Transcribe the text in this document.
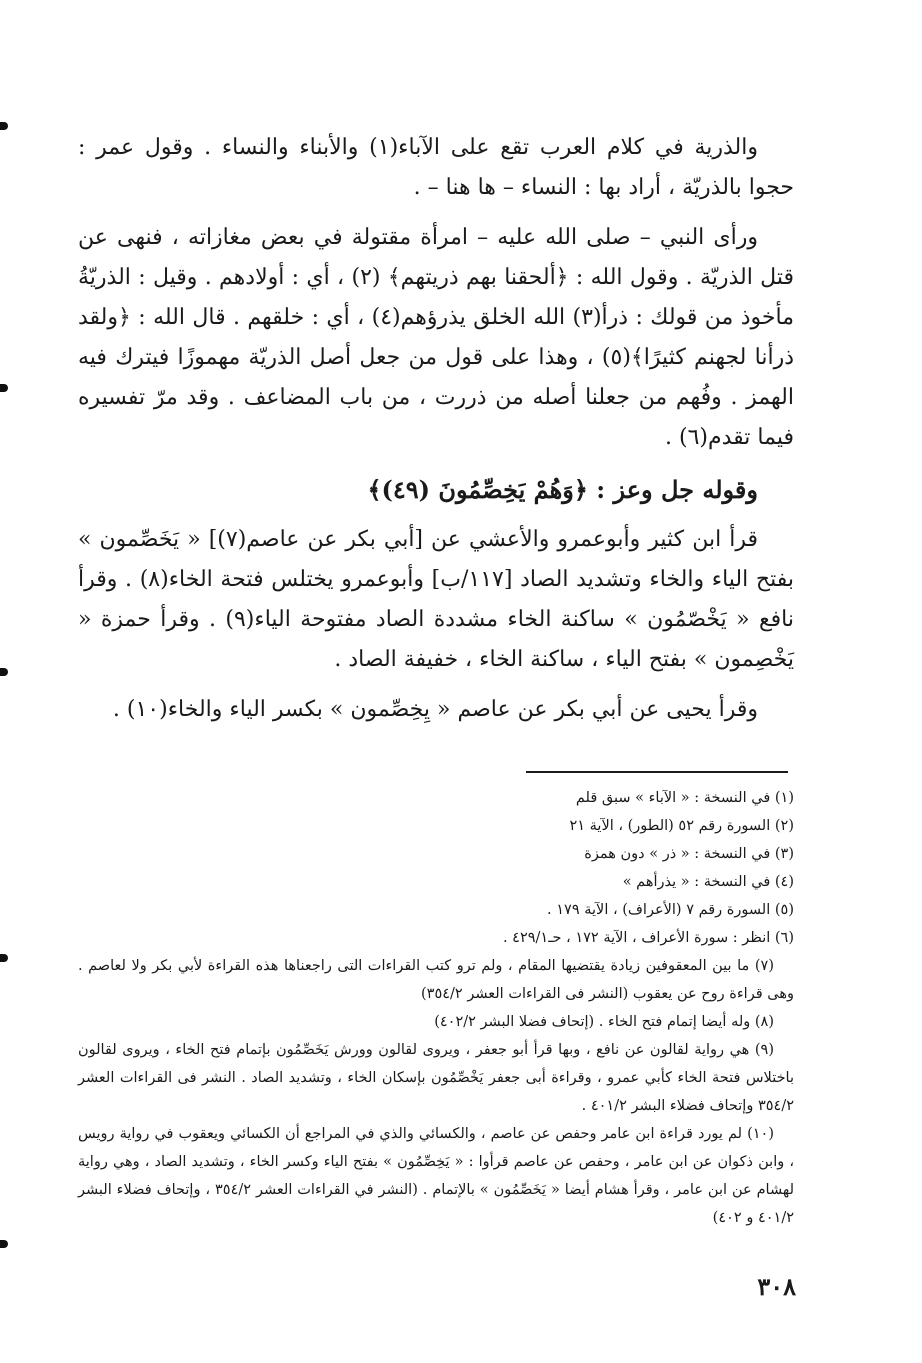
والذرية في كلام العرب تقع على الآباء(١) والأبناء والنساء . وقول عمر : حجوا بالذريّة ، أراد بها : النساء – ها هنا – .

ورأى النبي – صلى الله عليه – امرأة مقتولة في بعض مغازاته ، فنهى عن قتل الذريّة . وقول الله : ﴿ألحقنا بهم ذريتهم﴾ (٢) ، أي : أولادهم . وقيل : الذريّةُ مأخوذ من قولك : ذرأ(٣) الله الخلق يذرؤهم(٤) ، أي : خلقهم . قال الله : ﴿ولقد ذرأنا لجهنم كثيرًا﴾(٥) ، وهذا على قول من جعل أصل الذريّة مهموزًا فيترك فيه الهمز . وفُهم من جعلنا أصله من ذررت ، من باب المضاعف . وقد مرّ تفسيره فيما تقدم(٦) .

وقوله جل وعز : ﴿وَهُمْ يَخِصِّمُونَ (٤٩)﴾

قرأ ابن كثير وأبوعمرو والأعشي عن [أبي بكر عن عاصم(٧)] « يَخَصِّمون » بفتح الياء والخاء وتشديد الصاد [١١٧/ب] وأبوعمرو يختلس فتحة الخاء(٨) . وقرأ نافع « يَخْصّمُون » ساكنة الخاء مشددة الصاد مفتوحة الياء(٩) . وقرأ حمزة « يَخْصِمون » بفتح الياء ، ساكنة الخاء ، خفيفة الصاد .

وقرأ يحيى عن أبي بكر عن عاصم « يِخِصِّمون » بكسر الياء والخاء(١٠) .

(١) في النسخة : « الآباء » سبق قلم

(٢) السورة رقم ٥٢ (الطور) ، الآية ٢١

(٣) في النسخة : « ذر » دون همزة

(٤) في النسخة : « يذرأهم »

(٥) السورة رقم ٧ (الأعراف) ، الآية ١٧٩ .

(٦) انظر : سورة الأعراف ، الآية ١٧٢ ، حـ٤٢٩/١ .

(٧) ما بين المعقوفين زيادة يقتضيها المقام ، ولم ترو كتب القراءات التى راجعناها هذه القراءة لأبي بكر ولا لعاصم . وهى قراءة روح عن يعقوب (النشر فى القراءات العشر ٣٥٤/٢)

(٨) وله أيضا إتمام فتح الخاء . (إتحاف فضلا البشر ٤٠٢/٢)

(٩) هي رواية لقالون عن نافع ، وبها قرأ أبو جعفر ، ويروى لقالون وورش يَخَصِّمُون بإتمام فتح الخاء ، ويروى لقالون باختلاس فتحة الخاء كأبي عمرو ، وقراءة أبى جعفر يَخْصِّمُون بإسكان الخاء ، وتشديد الصاد . النشر فى القراءات العشر ٣٥٤/٢ وإتحاف فضلاء البشر ٤٠١/٢ .

(١٠) لم يورد قراءة ابن عامر وحفص عن عاصم ، والكسائي والذي في المراجع أن الكسائي ويعقوب في رواية رويس ، وابن ذكوان عن ابن عامر ، وحفص عن عاصم قرأوا : « يَخِصِّمُون » بفتح الياء وكسر الخاء ، وتشديد الصاد ، وهي رواية لهشام عن ابن عامر ، وقرأ هشام أيضا « يَخَصِّمُون » بالإتمام . (النشر في القراءات العشر ٣٥٤/٢ ، وإتحاف فضلاء البشر ٤٠١/٢ و ٤٠٢)

٣٠٨
